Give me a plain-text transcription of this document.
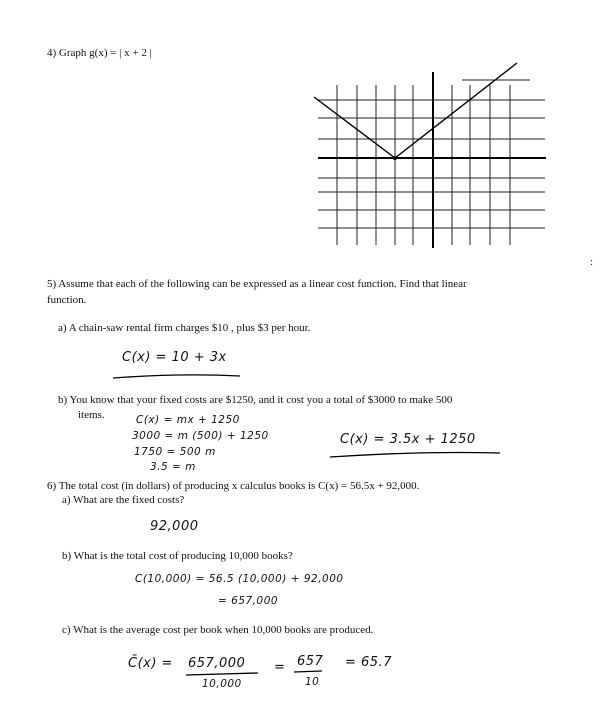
4) Graph g(x) = | x + 2 |
5) Assume that each of the following can be expressed as a linear cost function. Find that linear
function.
a) A chain-saw rental firm charges $10 , plus $3 per hour.
C(x) = 10 + 3x
b) You know that your fixed costs are $1250, and it cost you a total of $3000 to make 500
items.	C(x) = mx + 1250
3000 = m (500) + 1250
1750 = 500 m
3.5 = m
C(x) = 3.5x + 1250
6) The total cost (in dollars) of producing x calculus books is C(x) = 56.5x + 92,000.
a) What are the fixed costs?
92,000
b) What is the total cost of producing 10,000 books?
C(10,000) = 56.5 (10,000) + 92,000
= 657,000
c) What is the average cost per book when 10,000 books are produced.
C̄(x) = 657,000
10,000
= 657
10
= 65.7
:
